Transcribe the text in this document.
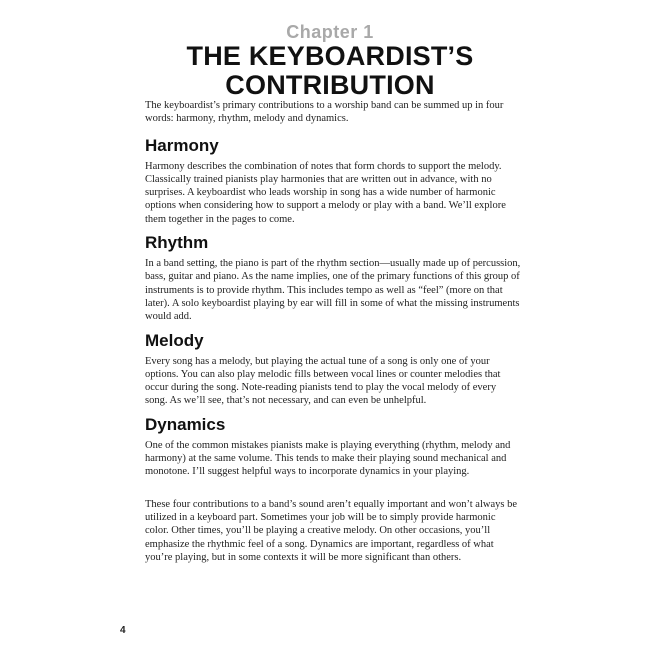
Chapter 1
THE KEYBOARDIST’S
CONTRIBUTION

The keyboardist’s primary contributions to a worship band can be summed up in four words: harmony, rhythm, melody and dynamics.

Harmony

Harmony describes the combination of notes that form chords to support the melody. Classically trained pianists play harmonies that are written out in advance, with no surprises. A keyboardist who leads worship in song has a wide number of harmonic options when considering how to support a melody or play with a band. We’ll explore them together in the pages to come.

Rhythm

In a band setting, the piano is part of the rhythm section—usually made up of percussion, bass, guitar and piano. As the name implies, one of the primary functions of this group of instruments is to provide rhythm. This includes tempo as well as “feel” (more on that later). A solo keyboardist playing by ear will fill in some of what the missing instruments would add.

Melody

Every song has a melody, but playing the actual tune of a song is only one of your options. You can also play melodic fills between vocal lines or counter melodies that occur during the song. Note-reading pianists tend to play the vocal melody of every song. As we’ll see, that’s not necessary, and can even be unhelpful.

Dynamics

One of the common mistakes pianists make is playing everything (rhythm, melody and harmony) at the same volume. This tends to make their playing sound mechanical and monotone. I’ll suggest helpful ways to incorporate dynamics in your playing.

These four contributions to a band’s sound aren’t equally important and won’t always be utilized in a keyboard part. Sometimes your job will be to simply provide harmonic color. Other times, you’ll be playing a creative melody. On other occasions, you’ll emphasize the rhythmic feel of a song. Dynamics are important, regardless of what you’re playing, but in some contexts it will be more significant than others.

4
